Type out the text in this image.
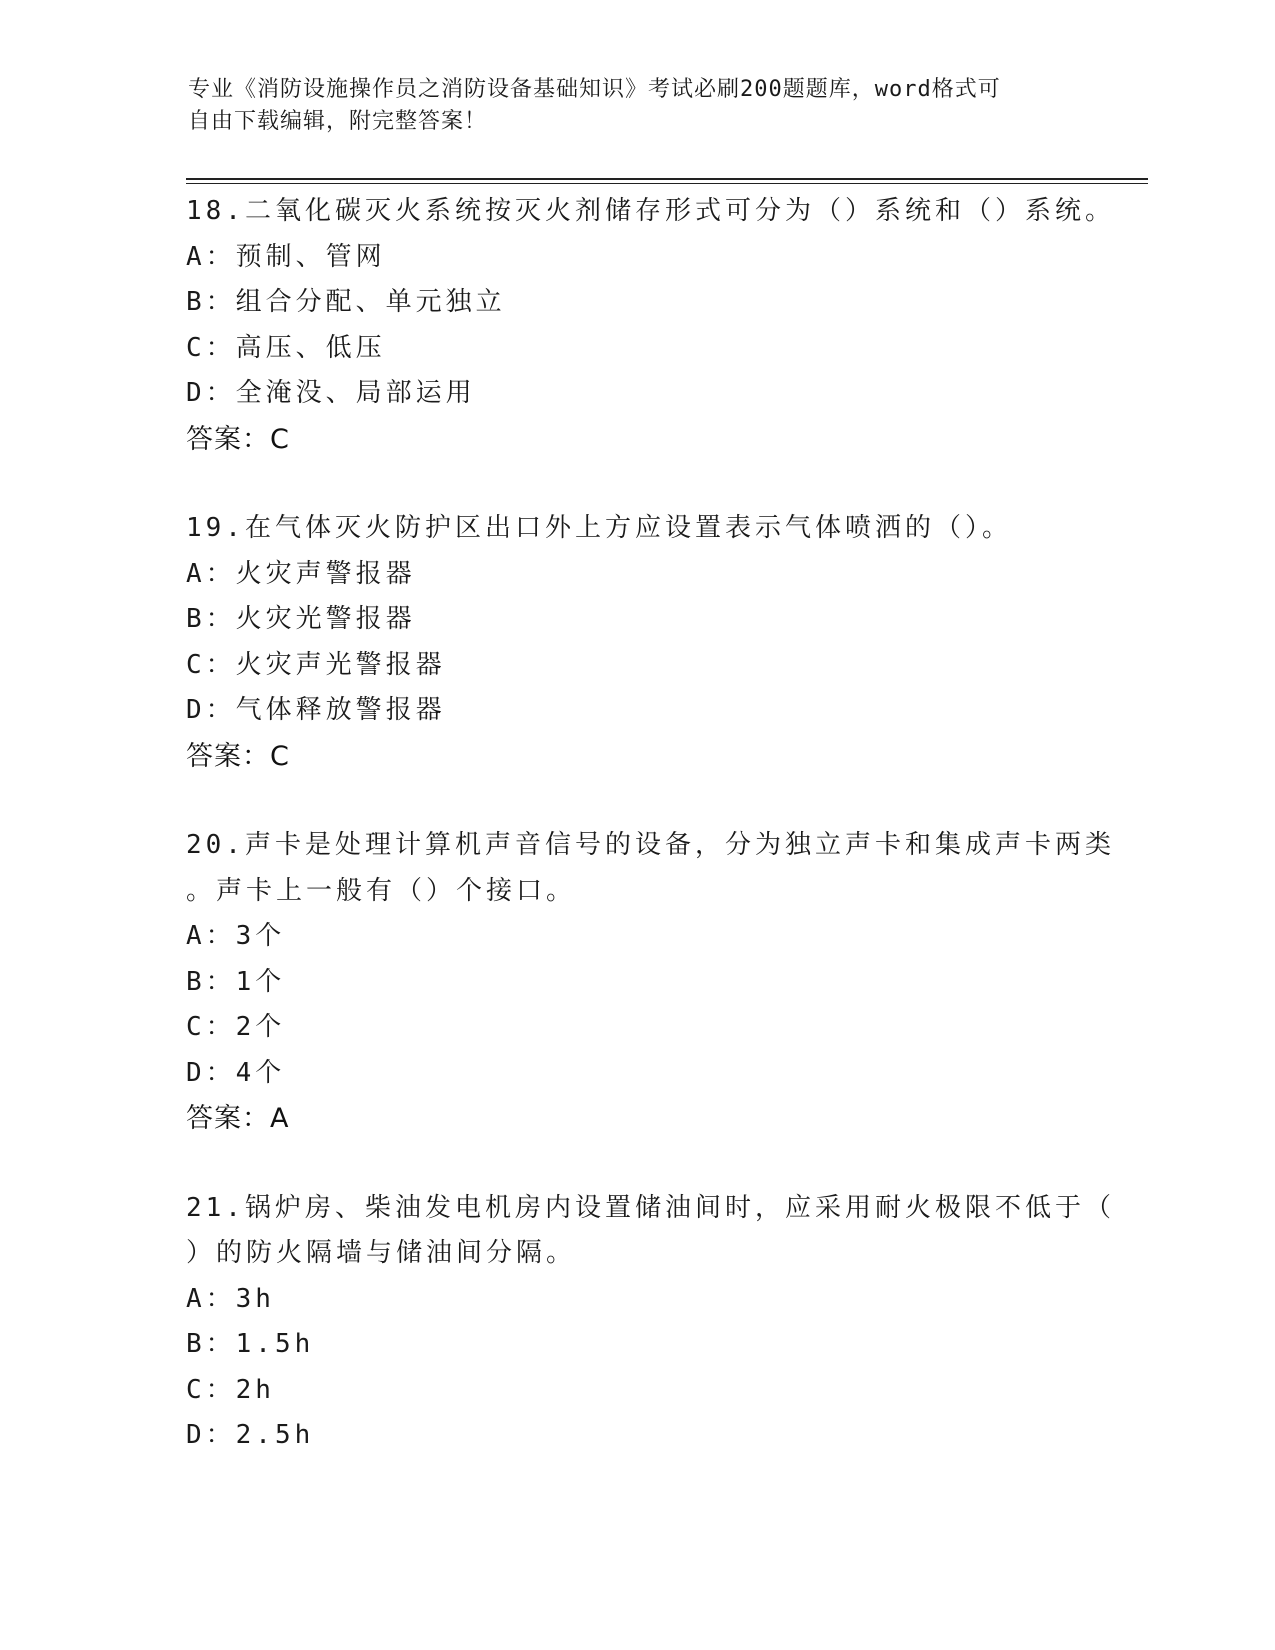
专业《消防设施操作员之消防设备基础知识》考试必刷200题题库，word格式可
自由下载编辑，附完整答案！
18.二氧化碳灭火系统按灭火剂储存形式可分为（）系统和（）系统。
A：预制、管网
B：组合分配、单元独立
C：高压、低压
D：全淹没、局部运用
答案：C
19.在气体灭火防护区出口外上方应设置表示气体喷洒的（）。
A：火灾声警报器
B：火灾光警报器
C：火灾声光警报器
D：气体释放警报器
答案：C
20.声卡是处理计算机声音信号的设备，分为独立声卡和集成声卡两类
。声卡上一般有（）个接口。
A：3个
B：1个
C：2个
D：4个
答案：A
21.锅炉房、柴油发电机房内设置储油间时，应采用耐火极限不低于（
）的防火隔墙与储油间分隔。
A：3h
B：1.5h
C：2h
D：2.5h
